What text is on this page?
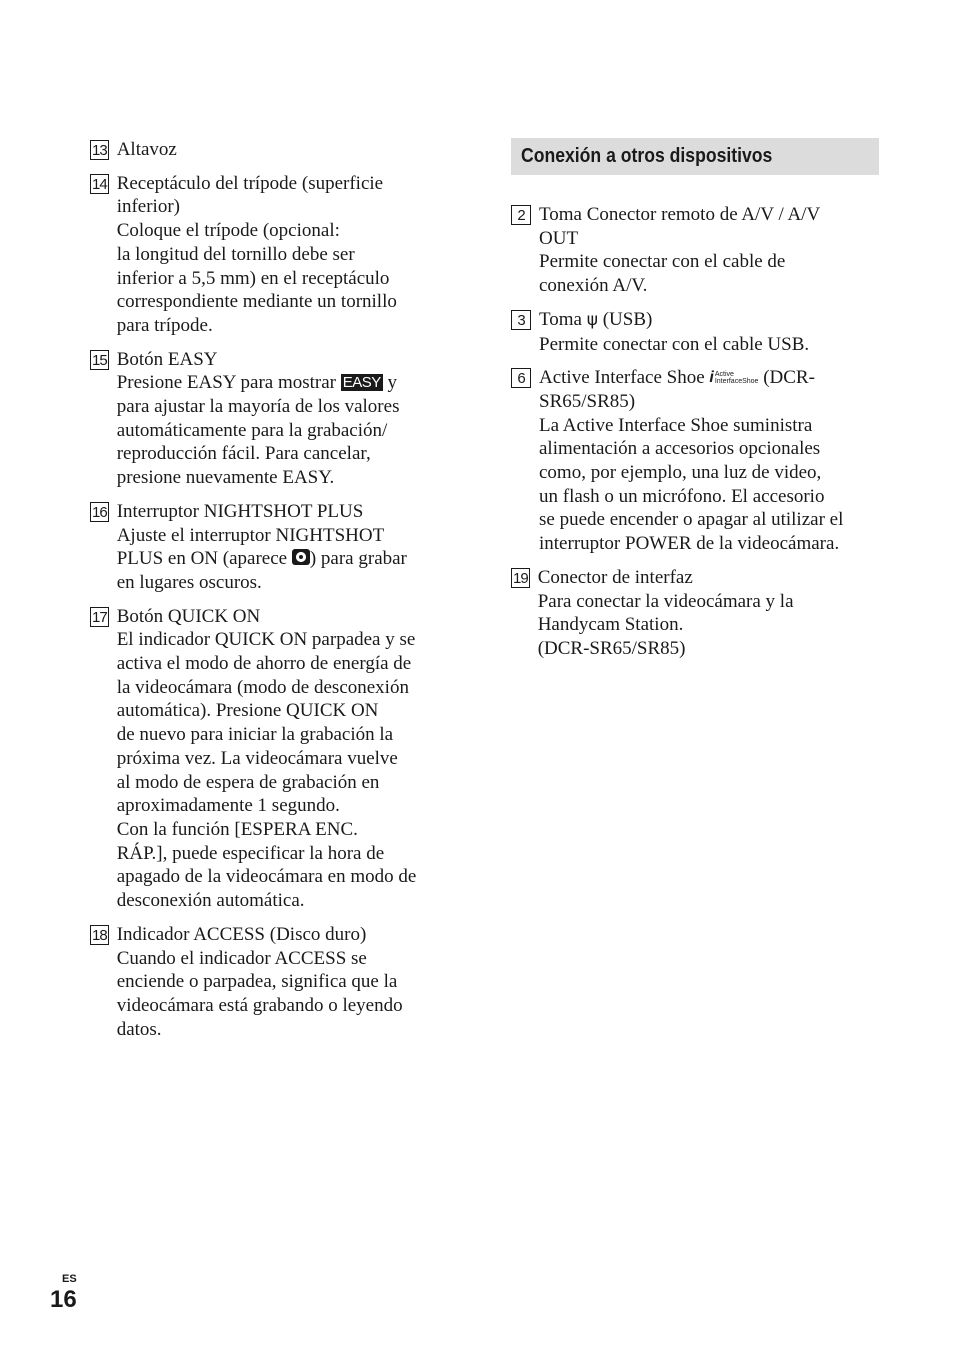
13 Altavoz
14 Receptáculo del trípode (superficie
inferior)
Coloque el trípode (opcional:
la longitud del tornillo debe ser
inferior a 5,5 mm) en el receptáculo
correspondiente mediante un tornillo
para trípode.
15 Botón EASY
Presione EASY para mostrar EASY y
para ajustar la mayoría de los valores
automáticamente para la grabación/
reproducción fácil. Para cancelar,
presione nuevamente EASY.
16 Interruptor NIGHTSHOT PLUS
Ajuste el interruptor NIGHTSHOT
PLUS en ON (aparece ) para grabar
en lugares oscuros.
17 Botón QUICK ON
El indicador QUICK ON parpadea y se
activa el modo de ahorro de energía de
la videocámara (modo de desconexión
automática). Presione QUICK ON
de nuevo para iniciar la grabación la
próxima vez. La videocámara vuelve
al modo de espera de grabación en
aproximadamente 1 segundo.
Con la función [ESPERA ENC.
RÁP.], puede especificar la hora de
apagado de la videocámara en modo de
desconexión automática.
18 Indicador ACCESS (Disco duro)
Cuando el indicador ACCESS se
enciende o parpadea, significa que la
videocámara está grabando o leyendo
datos.
Conexión a otros dispositivos
2 Toma Conector remoto de A/V / A/V
OUT
Permite conectar con el cable de
conexión A/V.
3 Toma ψ (USB)
Permite conectar con el cable USB.
6 Active Interface Shoe i Active
InterfaceShoe (DCR-
SR65/SR85)
La Active Interface Shoe suministra
alimentación a accesorios opcionales
como, por ejemplo, una luz de video,
un flash o un micrófono. El accesorio
se puede encender o apagar al utilizar el
interruptor POWER de la videocámara.
19 Conector de interfaz
Para conectar la videocámara y la
Handycam Station.
(DCR-SR65/SR85)
ES
16
